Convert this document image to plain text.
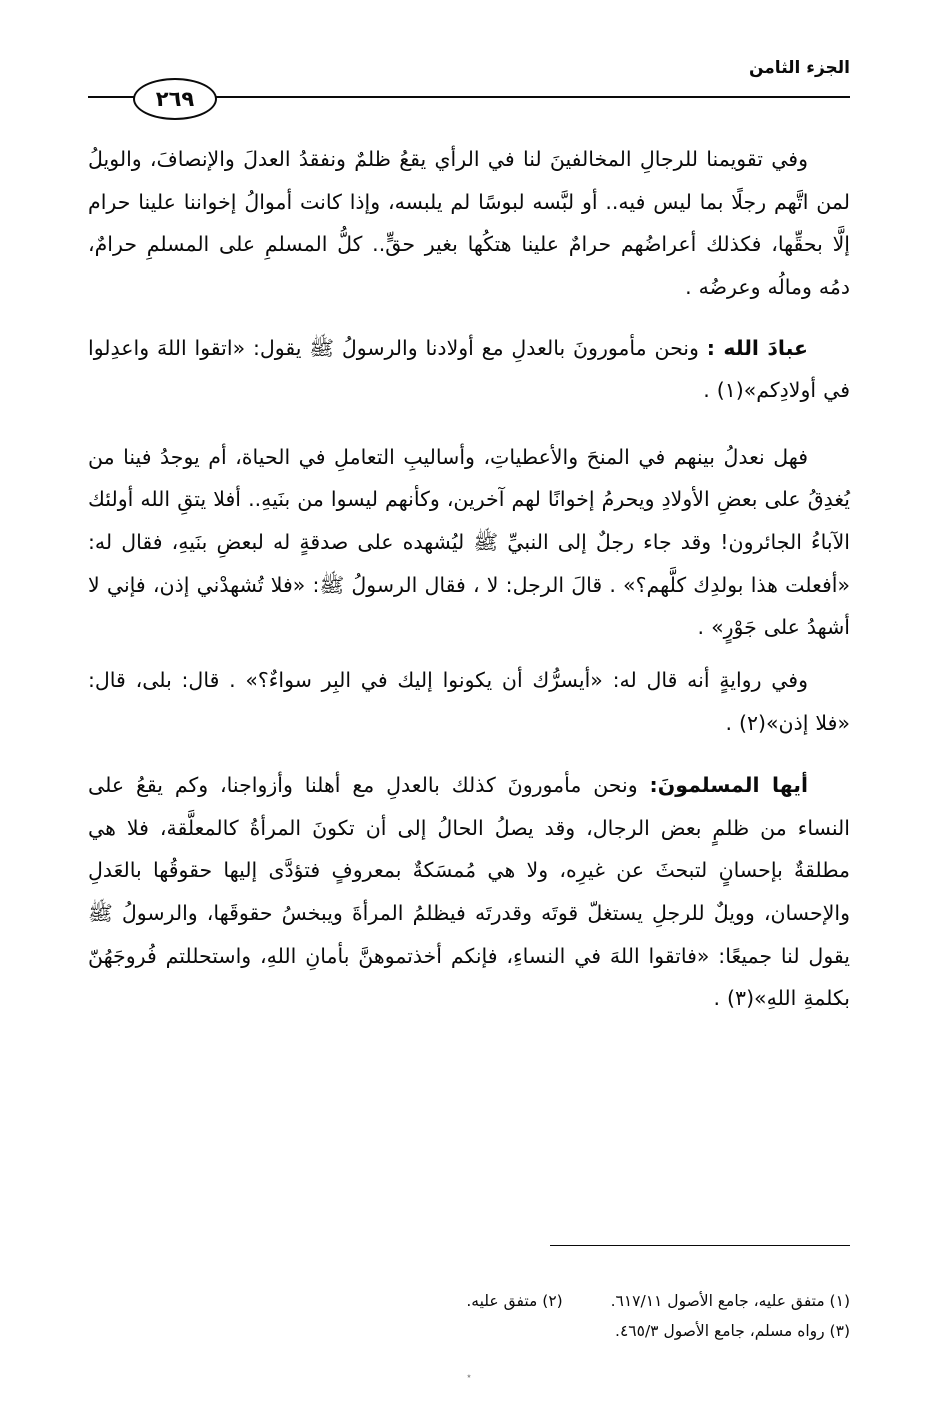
الجزء الثامن
٢٦٩

وفي تقويمنا للرجالِ المخالفينَ لنا في الرأي يقعُ ظلمٌ ونفقدُ العدلَ والإنصافَ، والويلُ لمن اتَّهم رجلًا بما ليس فيه.. أو لبَّسه لبوسًا لم يلبسه، وإذا كانت أموالُ إخواننا علينا حرام إلَّا بحقِّها، فكذلك أعراضُهم حرامٌ علينا هتكُها بغير حقٍّ.. كلُّ المسلمِ على المسلمِ حرامٌ، دمُه ومالُه وعرضُه .

عبادَ الله : ونحن مأمورونَ بالعدلِ مع أولادنا والرسولُ ﷺ يقول: «اتقوا اللهَ واعدِلوا في أولادِكم»(١) .

فهل نعدلُ بينهم في المنحَ والأعطياتِ، وأساليبِ التعاملِ في الحياة، أم يوجدُ فينا من يُغدِقُ على بعضِ الأولادِ ويحرمُ إخوانًا لهم آخرين، وكأنهم ليسوا من بنَيهِ.. أفلا يتقِ الله أولئك الآباءُ الجائرون! وقد جاء رجلٌ إلى النبيِّ ﷺ ليُشهده على صدقةٍ له لبعضِ بنَيهِ، فقال له: «أفعلت هذا بولدِك كلَّهم؟» . قالَ الرجل: لا ، فقال الرسولُ ﷺ: «فلا تُشهدْني إذن، فإني لا أشهدُ على جَوْرٍ» .

وفي روايةٍ أنه قال له: «أيسرُّك أن يكونوا إليك في البِر سواءٌ؟» . قال: بلى، قال: «فلا إذن»(٢) .

أيها المسلمونَ: ونحن مأمورونَ كذلك بالعدلِ مع أهلنا وأزواجنا، وكم يقعُ على النساء من ظلمٍ بعض الرجال، وقد يصلُ الحالُ إلى أن تكونَ المرأةُ كالمعلَّقة، فلا هي مطلقةٌ بإحسانٍ لتبحثَ عن غيرِه، ولا هي مُمسَكةٌ بمعروفٍ فتؤدَّى إليها حقوقُها بالعَدلِ والإحسان، وويلٌ للرجلِ يستغلّ قوتَه وقدرتَه فيظلمُ المرأةَ ويبخسُ حقوقَها، والرسولُ ﷺ يقول لنا جميعًا: «فاتقوا اللهَ في النساءِ، فإنكم أخذتموهنَّ بأمانِ اللهِ، واستحللتم فُروجَهُنّ بكلمةِ اللهِ»(٣) .

(١) متفق عليه، جامع الأصول ٦١٧/١١.  (٢) متفق عليه.
(٣) رواه مسلم، جامع الأصول ٤٦٥/٣.
٭
